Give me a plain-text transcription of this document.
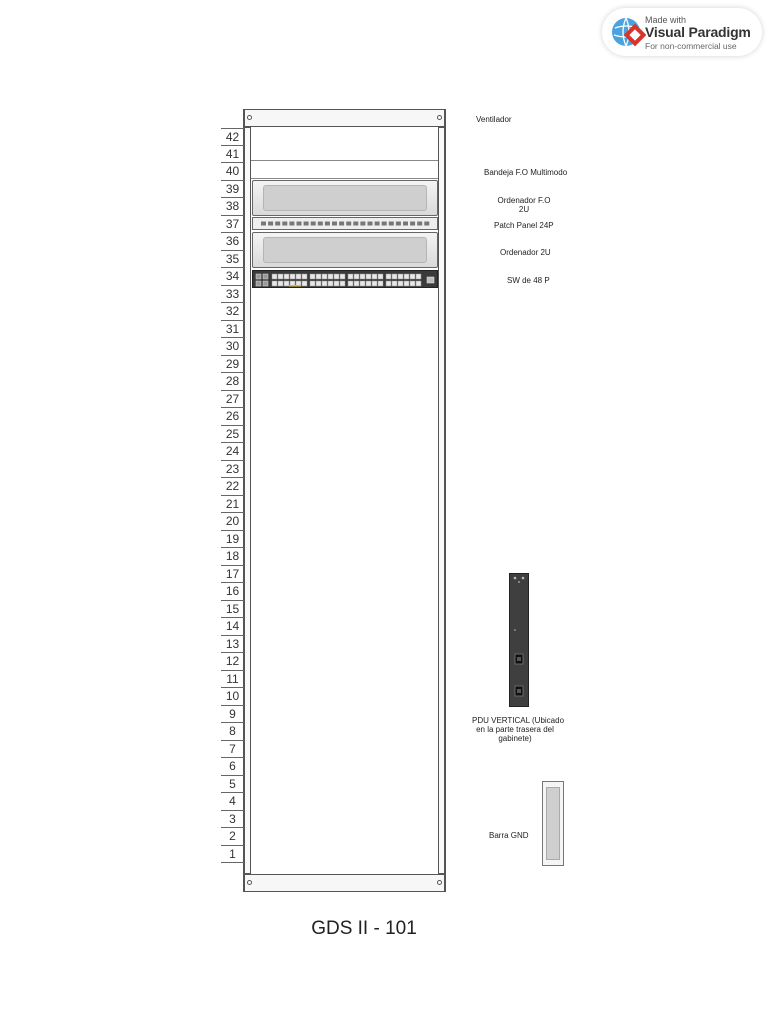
Made with
Visual Paradigm
For non-commercial use
42
41
40
39
38
37
36
35
34
33
32
31
30
29
28
27
26
25
24
23
22
21
20
19
18
17
16
15
14
13
12
11
10
9
8
7
6
5
4
3
2
1
Ventilador
Bandeja F.O Multimodo
Ordenador F.O
2U
Patch Panel 24P
Ordenador 2U
SW de 48 P
PDU VERTICAL (Ubicado
en la parte trasera del
gabinete)
Barra GND
GDS II - 101
